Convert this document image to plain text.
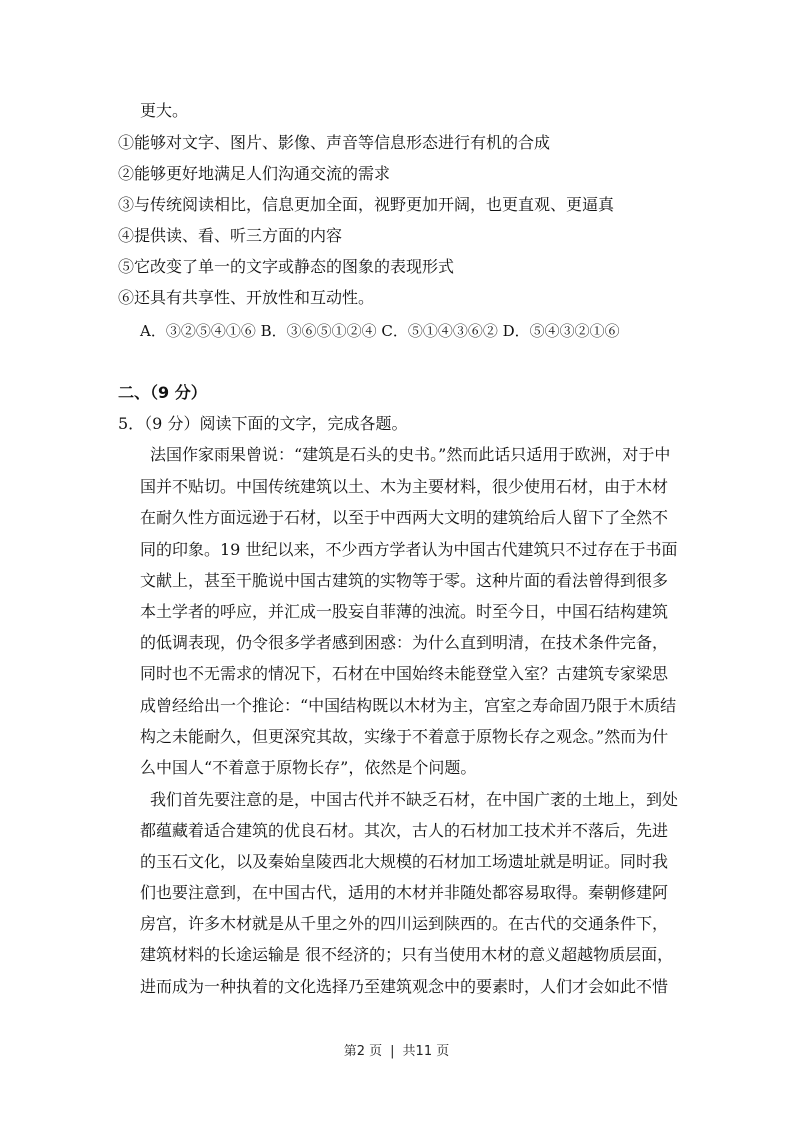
更大。
①能够对文字、图片、影像、声音等信息形态进行有机的合成
②能够更好地满足人们沟通交流的需求
③与传统阅读相比，信息更加全面，视野更加开阔，也更直观、更逼真
④提供读、看、听三方面的内容
⑤它改变了单一的文字或静态的图象的表现形式
⑥还具有共享性、开放性和互动性。
A．③②⑤④①⑥ B．③⑥⑤①②④ C．⑤①④③⑥② D．⑤④③②①⑥
二、（9 分）
5．（9 分）阅读下面的文字，完成各题。
法国作家雨果曾说：“建筑是石头的史书。”然而此话只适用于欧洲，对于中
国并不贴切。中国传统建筑以土、木为主要材料，很少使用石材，由于木材
在耐久性方面远逊于石材，以至于中西两大文明的建筑给后人留下了全然不
同的印象。19 世纪以来，不少西方学者认为中国古代建筑只不过存在于书面
文献上，甚至干脆说中国古建筑的实物等于零。这种片面的看法曾得到很多
本土学者的呼应，并汇成一股妄自菲薄的浊流。时至今日，中国石结构建筑
的低调表现，仍令很多学者感到困惑：为什么直到明清，在技术条件完备，
同时也不无需求的情况下，石材在中国始终未能登堂入室？古建筑专家梁思
成曾经给出一个推论：“中国结构既以木材为主，宫室之寿命固乃限于木质结
构之未能耐久，但更深究其故，实缘于不着意于原物长存之观念。”然而为什
么中国人“不着意于原物长存”，依然是个问题。
我们首先要注意的是，中国古代并不缺乏石材，在中国广袤的土地上，到处
都蕴藏着适合建筑的优良石材。其次，古人的石材加工技术并不落后，先进
的玉石文化，以及秦始皇陵西北大规模的石材加工场遗址就是明证。同时我
们也要注意到，在中国古代，适用的木材并非随处都容易取得。秦朝修建阿
房宫，许多木材就是从千里之外的四川运到陕西的。在古代的交通条件下，
建筑材料的长途运输是 很不经济的；只有当使用木材的意义超越物质层面，
进而成为一种执着的文化选择乃至建筑观念中的要素时，人们才会如此不惜
第2 页 | 共11 页
